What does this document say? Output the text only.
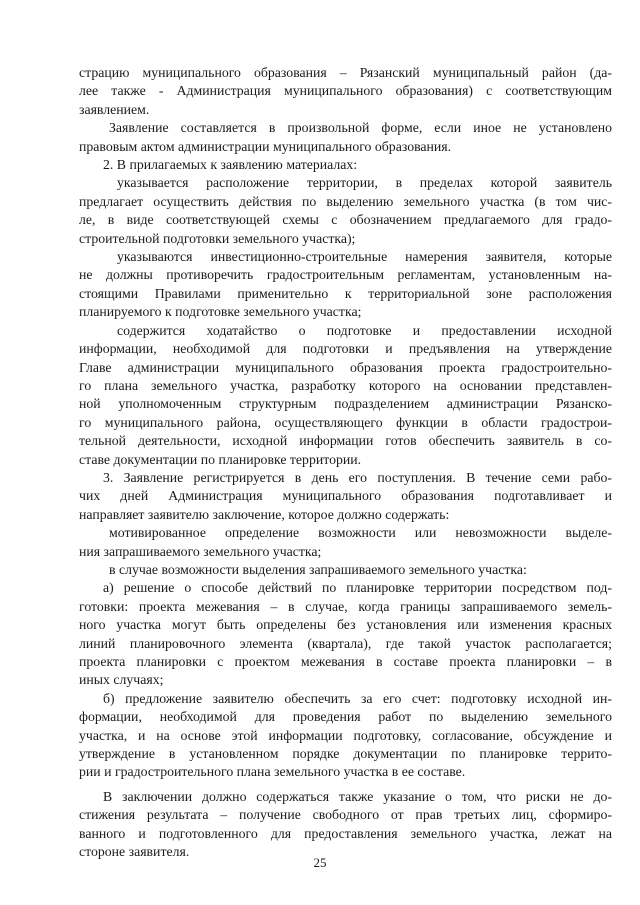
страцию муниципального образования – Рязанский муниципальный район (да-
лее также - Администрация муниципального образования) с соответствующим
заявлением.
Заявление составляется в произвольной форме, если иное не установлено
правовым актом администрации муниципального образования.
2. В прилагаемых к заявлению материалах:
указывается расположение территории, в пределах которой заявитель
предлагает осуществить действия по выделению земельного участка (в том чис-
ле, в виде соответствующей схемы с обозначением предлагаемого для градо-
строительной подготовки земельного участка);
указываются инвестиционно-строительные намерения заявителя, которые
не должны противоречить градостроительным регламентам, установленным на-
стоящими Правилами применительно к территориальной зоне расположения
планируемого к подготовке земельного участка;
содержится ходатайство о подготовке и предоставлении исходной
информации, необходимой для подготовки и предъявления на утверждение
Главе администрации муниципального образования проекта градостроительно-
го плана земельного участка, разработку которого на основании представлен-
ной уполномоченным структурным подразделением администрации Рязанско-
го муниципального района, осуществляющего функции в области градострои-
тельной деятельности, исходной информации готов обеспечить заявитель в со-
ставе документации по планировке территории.
3. Заявление регистрируется в день его поступления. В течение семи рабо-
чих дней Администрация муниципального образования подготавливает и
направляет заявителю заключение, которое должно содержать:
мотивированное определение возможности или невозможности выделе-
ния запрашиваемого земельного участка;
в случае возможности выделения запрашиваемого земельного участка:
а) решение о способе действий по планировке территории посредством под-
готовки: проекта межевания – в случае, когда границы запрашиваемого земель-
ного участка могут быть определены без установления или изменения красных
линий планировочного элемента (квартала), где такой участок располагается;
проекта планировки с проектом межевания в составе проекта планировки – в
иных случаях;
б) предложение заявителю обеспечить за его счет: подготовку исходной ин-
формации, необходимой для проведения работ по выделению земельного
участка, и на основе этой информации подготовку, согласование, обсуждение и
утверждение в установленном порядке документации по планировке террито-
рии и градостроительного плана земельного участка в ее составе.
В заключении должно содержаться также указание о том, что риски не до-
стижения результата – получение свободного от прав третьих лиц, сформиро-
ванного и подготовленного для предоставления земельного участка, лежат на
стороне заявителя.
25
